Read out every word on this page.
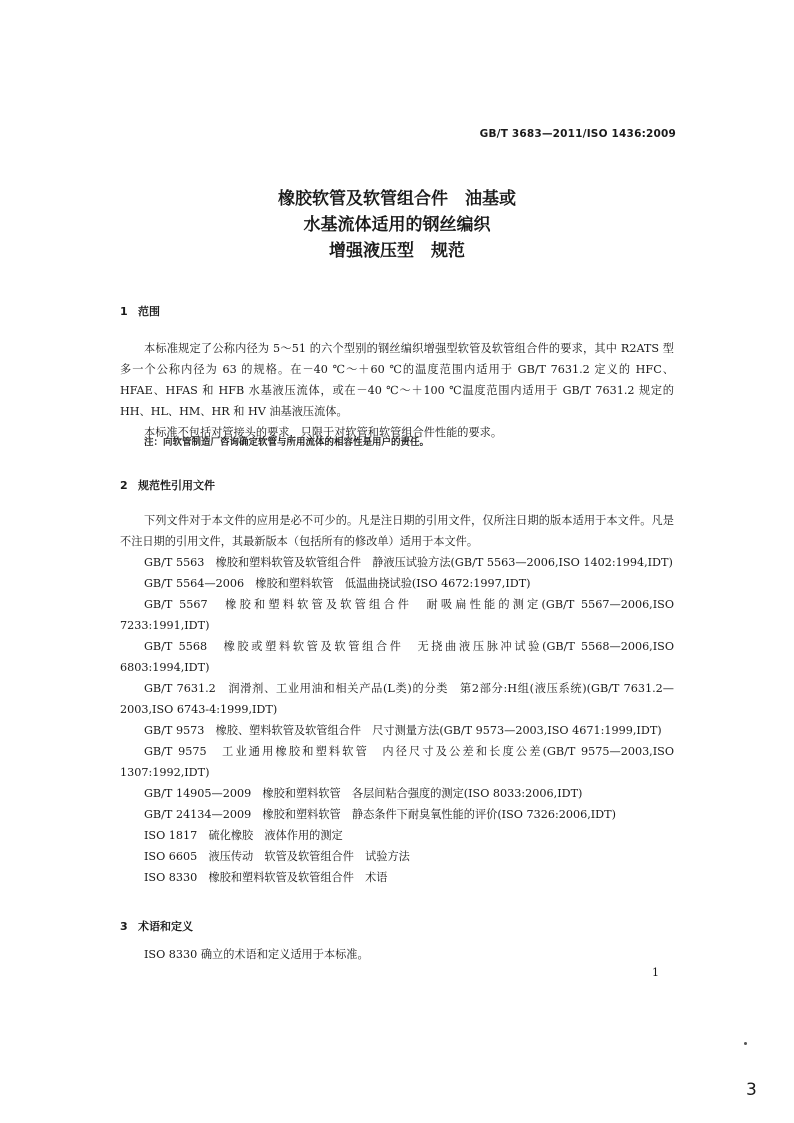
GB/T 3683—2011/ISO 1436:2009
橡胶软管及软管组合件　油基或
水基流体适用的钢丝编织
增强液压型　规范
1 范围

本标准规定了公称内径为 5～51 的六个型别的钢丝编织增强型软管及软管组合件的要求，其中 R2ATS 型多一个公称内径为 63 的规格。在－40 ℃～＋60 ℃的温度范围内适用于 GB/T 7631.2 定义的 HFC、HFAE、HFAS 和 HFB 水基液压流体，或在－40 ℃～＋100 ℃温度范围内适用于 GB/T 7631.2 规定的 HH、HL、HM、HR 和 HV 油基液压流体。

本标准不包括对管接头的要求，只限于对软管和软管组合件性能的要求。

注：向软管制造厂咨询确定软管与所用流体的相容性是用户的责任。
2 规范性引用文件

下列文件对于本文件的应用是必不可少的。凡是注日期的引用文件，仅所注日期的版本适用于本文件。凡是不注日期的引用文件，其最新版本（包括所有的修改单）适用于本文件。

GB/T 5563　橡胶和塑料软管及软管组合件　静液压试验方法(GB/T 5563—2006,ISO 1402:1994,IDT)

GB/T 5564—2006　橡胶和塑料软管　低温曲挠试验(ISO 4672:1997,IDT)

GB/T 5567　橡胶和塑料软管及软管组合件　耐吸扁性能的测定(GB/T 5567—2006,ISO 7233:1991,IDT)

GB/T 5568　橡胶或塑料软管及软管组合件　无挠曲液压脉冲试验(GB/T 5568—2006,ISO 6803:1994,IDT)

GB/T 7631.2　润滑剂、工业用油和相关产品(L类)的分类　第2部分:H组(液压系统)(GB/T 7631.2—2003,ISO 6743-4:1999,IDT)

GB/T 9573　橡胶、塑料软管及软管组合件　尺寸测量方法(GB/T 9573—2003,ISO 4671:1999,IDT)

GB/T 9575　工业通用橡胶和塑料软管　内径尺寸及公差和长度公差(GB/T 9575—2003,ISO 1307:1992,IDT)

GB/T 14905—2009　橡胶和塑料软管　各层间粘合强度的测定(ISO 8033:2006,IDT)

GB/T 24134—2009　橡胶和塑料软管　静态条件下耐臭氧性能的评价(ISO 7326:2006,IDT)

ISO 1817　硫化橡胶　液体作用的测定

ISO 6605　液压传动　软管及软管组合件　试验方法

ISO 8330　橡胶和塑料软管及软管组合件　术语

3 术语和定义

ISO 8330 确立的术语和定义适用于本标准。

1
3
